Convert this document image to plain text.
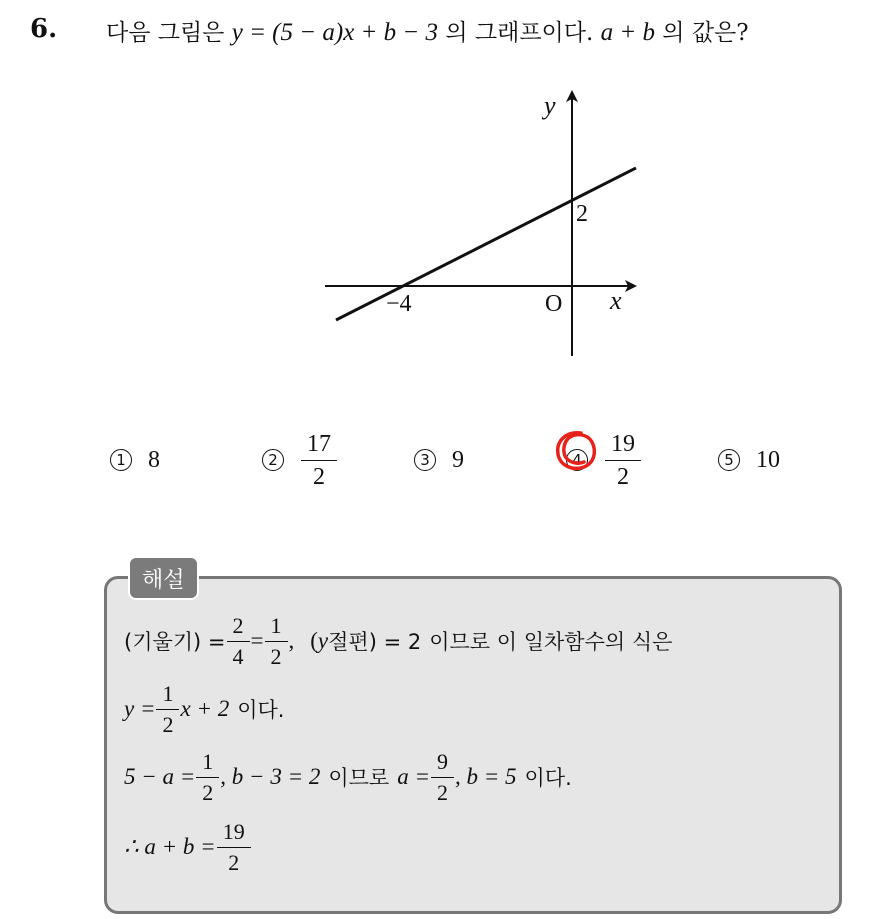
6. 다음 그림은 y = (5 − a)x + b − 3 의 그래프이다. a + b 의 값은?
y
x
O
−4
2
1 8	$2 \frac{17}{2}$	3 9	$4 \frac{19}{2}$	5 10
해설
(기울기) = $\frac{2}{4} = \frac{1}{2}$ , ( y 절편) = 2 이므로 이 일차함수의 식은
$y = \frac{1}{2}$ x + 2 이다.
$5 - a = \frac{1}{2}$ , b − 3 = 2 이므로 $a = \frac{9}{2}$ , b = 5 이다.
∴ $a + b = \frac{19}{2}$
